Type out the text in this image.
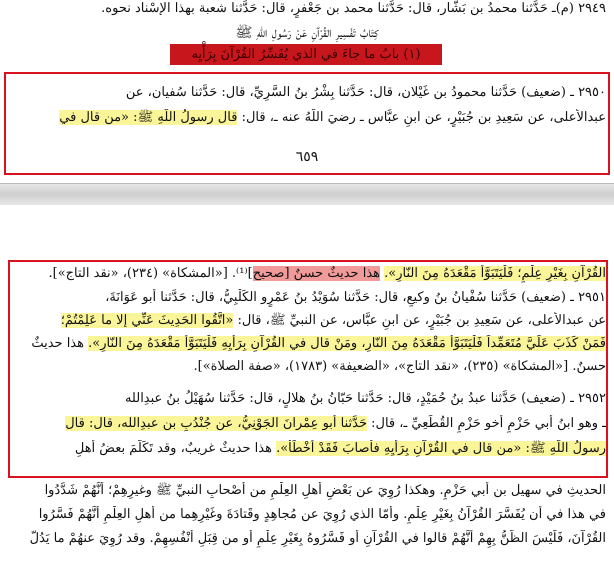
٢٩٤٩ (م)ـ حَدَّثنا محمدُ بن بَشّار، قال: حَدَّثنا محمد بن جَعْفرٍ، قال: حَدَّثنا شعبة بهذا الإسْناد نحوه.
كِتَابُ تَفْسِيرِ القُرْآنِ عَنْ رَسُولِ اللّهِ ﷺ
(١) بابُ ما جاءَ في الذي يُفَسِّرُ القُرْآنَ بِرَأْيِه
٢٩٥٠ ـ (ضعيف) حَدَّثنا محمودُ بن غَيْلان، قال: حَدَّثنا بِشْرُ بنُ السَّرِيِّ، قال: حَدَّثنا سُفيان، عن
عبدالأعلى، عن سَعِيدِ بن جُبَيْرٍ، عن ابنِ عبَّاس ـ رضيَ اللّهُ عنه ـ، قال: قال رسولُ اللّهِ ﷺ: «من قال في
٦٥٩
القُرْآنِ بِغَيْرِ عِلْمٍ؛ فَلْيَتَبَوَّأْ مَقْعَدَهُ مِنَ النّارِ». هذا حديثٌ حسنٌ [صحيح]⁽¹⁾. [«المشكاة» (٢٣٤)، «نقد التاج»].
٢٩٥١ ـ (ضعيف) حَدَّثنا سُفْيانُ بنُ وكيعٍ، قال: حَدَّثنا سُوَيْدُ بنُ عَمْرٍو الكَلْبِيُّ، قال: حَدَّثنا أبو عَوَانَةَ،
عن عبدالأعلى، عن سَعِيدِ بن جُبَيْرٍ، عن ابنِ عبَّاس، عن النبيِّ ﷺ، قال: «اتَّقُوا الحَدِيثَ عَنِّي إلا ما عَلِمْتُمْ؛
فَمَنْ كَذَبَ عَلَيَّ مُتَعَمِّداً فَلْيَتَبَوَّأْ مَقْعَدَهُ مِنَ النّارِ، ومَنْ قال في القُرْآنِ بِرَأْيِهِ فَلْيَتَبَوَّأْ مَقْعَدَهُ مِنَ النّارِ». هذا حديثٌ
حسنٌ. [«المشكاة» (٢٣٥)، «نقد التاج»، «الضعيفة» (١٧٨٣)، «صفة الصلاة»].
٢٩٥٢ ـ (ضعيف) حَدَّثنا عبدُ بنُ حُمَيْدٍ، قال: حَدَّثنا حَبّانُ بنُ هلالٍ، قال: حَدَّثنا سُهَيْلُ بنُ عبدِالله
ـ وهو ابنُ أبي حَزْمٍ أخو حَزْمٍ القُطَعِيِّ ـ، قال: حَدَّثنا أبو عِمْرانَ الجَوْنِيُّ، عن جُنْدُبِ بن عبدِالله، قال: قال
رسولُ اللّهِ ﷺ: «من قال في القُرْآنِ بِرَأْيِهِ فأَصابَ فَقَدْ أَخْطَأَ». هذا حديثٌ غريبٌ، وقد تَكَلَّمَ بعضُ أهلِ
الحديثِ في سهيل بن أبي حَزْمٍ. وهكذا رُوِيَ عن بَعْضِ أهلِ العِلْمِ من أَصْحابِ النبيِّ ﷺ وغيرِهِمْ؛ أَنَّهُمْ شَدَّدُوا
في هذا في أن يُفَسَّرَ القُرْآنُ بِغَيْرِ عِلْمٍ. وأمّا الذي رُوِيَ عن مُجاهِدٍ وقَتادَةَ وغَيْرِهِما من أهلِ العِلْمِ أَنَّهُمْ فَسَّرُوا
القُرْآنَ، فَلَيْسَ الظَّنُّ بِهِمْ أَنَّهُمْ قالوا في القُرْآنِ أو فَسَّرُوهُ بِغَيْرِ عِلْمٍ أو من قِبَلِ أَنْفُسِهِمْ. وقد رُوِيَ عنهُمْ ما يَدُلُّ
